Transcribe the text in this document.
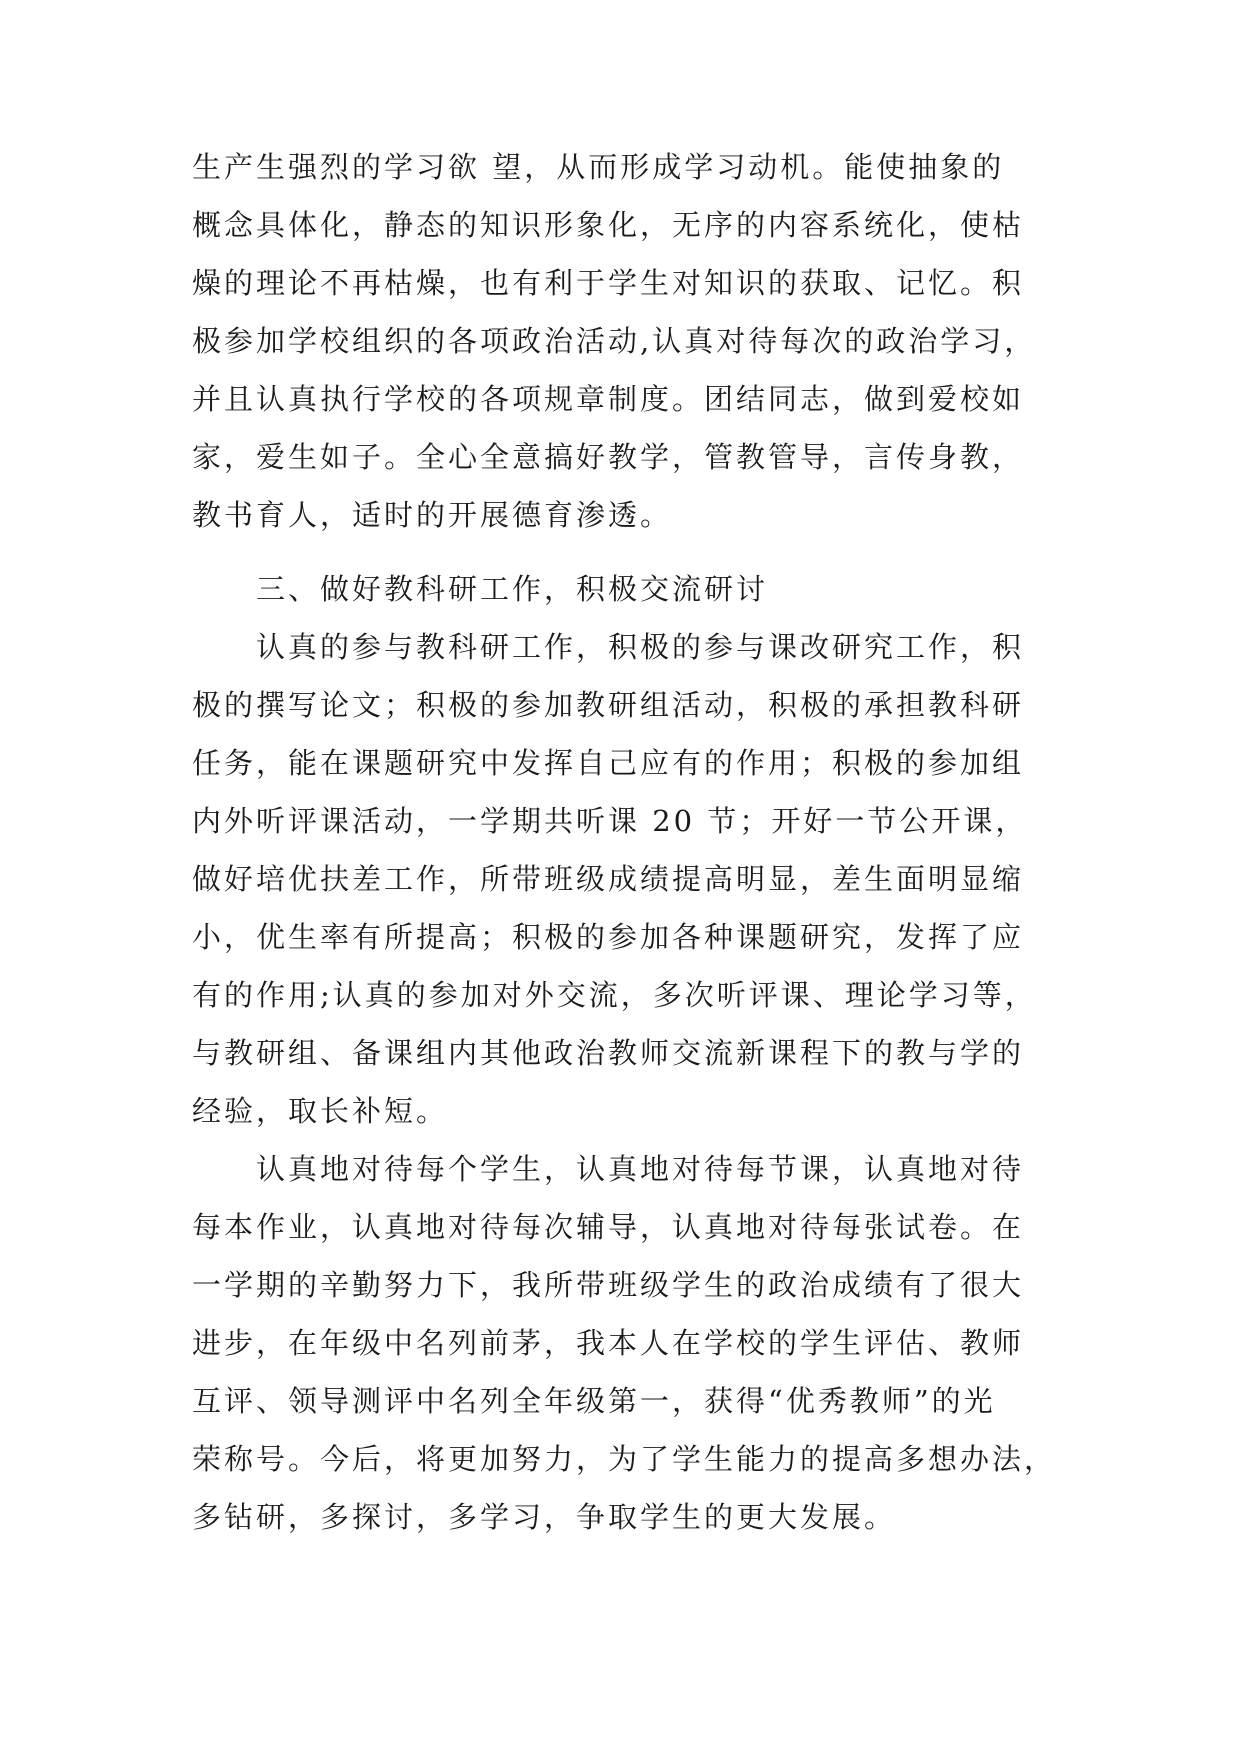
生产生强烈的学习欲 望，从而形成学习动机。能使抽象的
概念具体化，静态的知识形象化，无序的内容系统化，使枯
燥的理论不再枯燥，也有利于学生对知识的获取、记忆。积
极参加学校组织的各项政治活动,认真对待每次的政治学习，
并且认真执行学校的各项规章制度。团结同志，做到爱校如
家，爱生如子。全心全意搞好教学，管教管导，言传身教，
教书育人，适时的开展德育渗透。
三、做好教科研工作，积极交流研讨
认真的参与教科研工作，积极的参与课改研究工作，积
极的撰写论文；积极的参加教研组活动，积极的承担教科研
任务，能在课题研究中发挥自己应有的作用；积极的参加组
内外听评课活动，一学期共听课 20 节；开好一节公开课，
做好培优扶差工作，所带班级成绩提高明显，差生面明显缩
小，优生率有所提高；积极的参加各种课题研究，发挥了应
有的作用;认真的参加对外交流，多次听评课、理论学习等，
与教研组、备课组内其他政治教师交流新课程下的教与学的
经验，取长补短。
认真地对待每个学生，认真地对待每节课，认真地对待
每本作业，认真地对待每次辅导，认真地对待每张试卷。在
一学期的辛勤努力下，我所带班级学生的政治成绩有了很大
进步，在年级中名列前茅，我本人在学校的学生评估、教师
互评、领导测评中名列全年级第一，获得“优秀教师”的光
荣称号。今后，将更加努力，为了学生能力的提高多想办法，
多钻研，多探讨，多学习，争取学生的更大发展。
